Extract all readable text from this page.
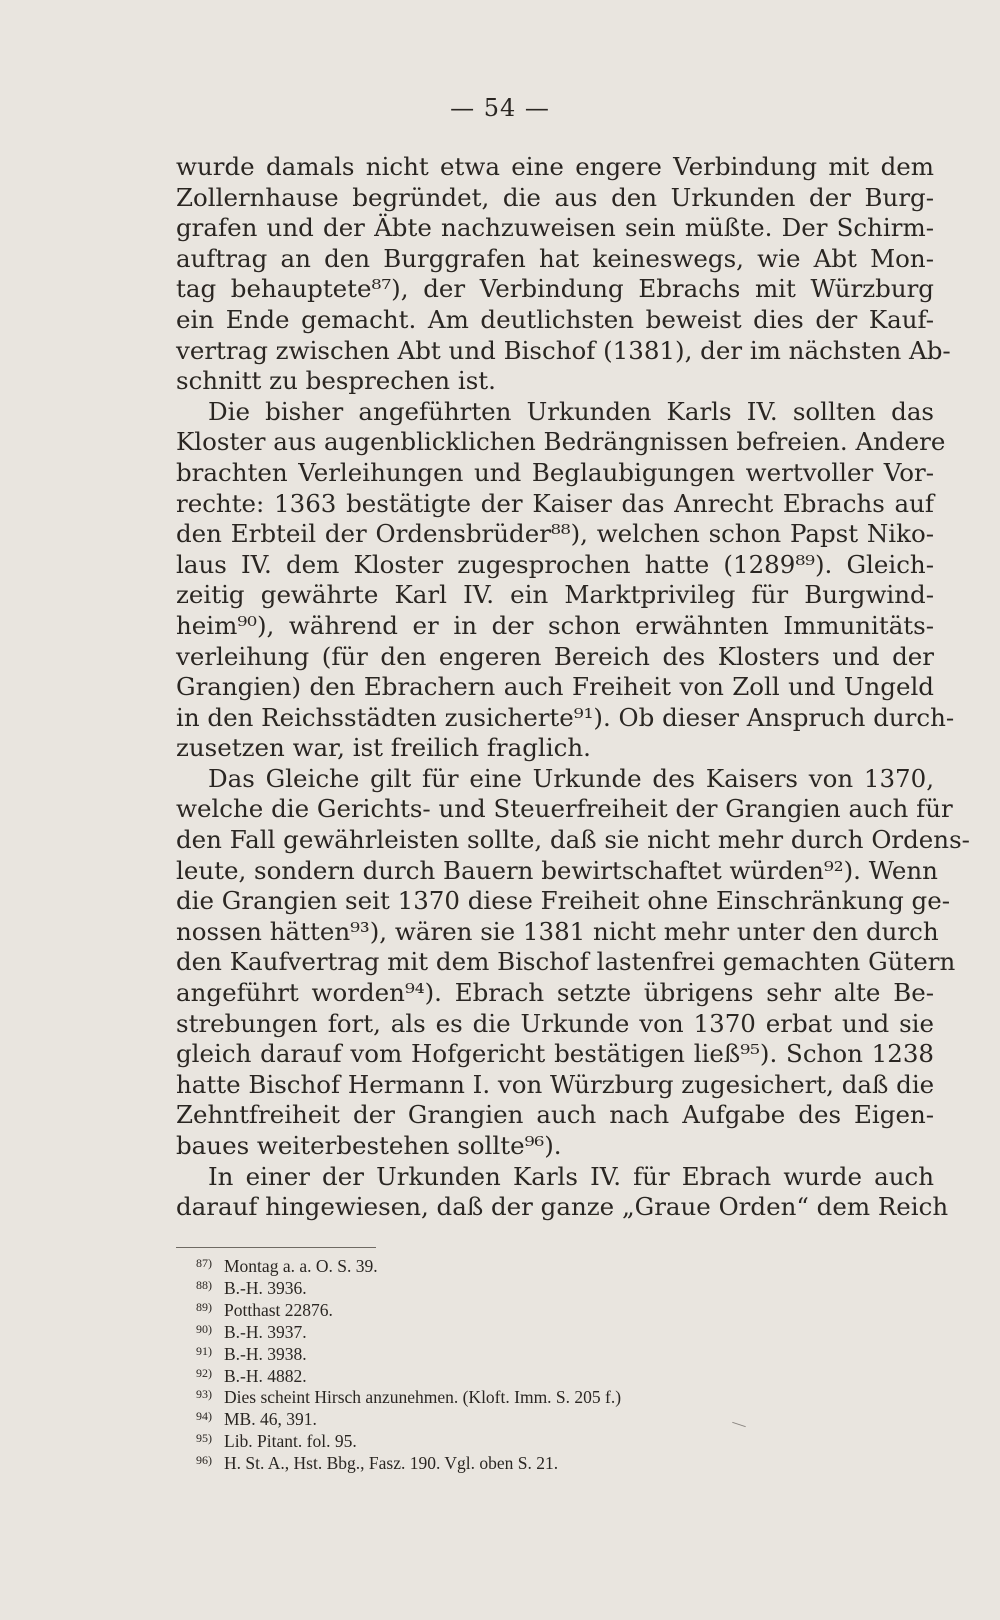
— 54 —
wurde damals nicht etwa eine engere Verbindung mit dem
Zollernhause begründet, die aus den Urkunden der Burg-
grafen und der Äbte nachzuweisen sein müßte. Der Schirm-
auftrag an den Burggrafen hat keineswegs, wie Abt Mon-
tag behauptete⁸⁷), der Verbindung Ebrachs mit Würzburg
ein Ende gemacht. Am deutlichsten beweist dies der Kauf-
vertrag zwischen Abt und Bischof (1381), der im nächsten Ab-
schnitt zu besprechen ist.
Die bisher angeführten Urkunden Karls IV. sollten das
Kloster aus augenblicklichen Bedrängnissen befreien. Andere
brachten Verleihungen und Beglaubigungen wertvoller Vor-
rechte: 1363 bestätigte der Kaiser das Anrecht Ebrachs auf
den Erbteil der Ordensbrüder⁸⁸), welchen schon Papst Niko-
laus IV. dem Kloster zugesprochen hatte (1289⁸⁹). Gleich-
zeitig gewährte Karl IV. ein Marktprivileg für Burgwind-
heim⁹⁰), während er in der schon erwähnten Immunitäts-
verleihung (für den engeren Bereich des Klosters und der
Grangien) den Ebrachern auch Freiheit von Zoll und Ungeld
in den Reichsstädten zusicherte⁹¹). Ob dieser Anspruch durch-
zusetzen war, ist freilich fraglich.
Das Gleiche gilt für eine Urkunde des Kaisers von 1370,
welche die Gerichts- und Steuerfreiheit der Grangien auch für
den Fall gewährleisten sollte, daß sie nicht mehr durch Ordens-
leute, sondern durch Bauern bewirtschaftet würden⁹²). Wenn
die Grangien seit 1370 diese Freiheit ohne Einschränkung ge-
nossen hätten⁹³), wären sie 1381 nicht mehr unter den durch
den Kaufvertrag mit dem Bischof lastenfrei gemachten Gütern
angeführt worden⁹⁴). Ebrach setzte übrigens sehr alte Be-
strebungen fort, als es die Urkunde von 1370 erbat und sie
gleich darauf vom Hofgericht bestätigen ließ⁹⁵). Schon 1238
hatte Bischof Hermann I. von Würzburg zugesichert, daß die
Zehntfreiheit der Grangien auch nach Aufgabe des Eigen-
baues weiterbestehen sollte⁹⁶).
In einer der Urkunden Karls IV. für Ebrach wurde auch
darauf hingewiesen, daß der ganze „Graue Orden“ dem Reich
87) Montag a. a. O. S. 39.
88) B.-H. 3936.
89) Potthast 22876.
90) B.-H. 3937.
91) B.-H. 3938.
92) B.-H. 4882.
93) Dies scheint Hirsch anzunehmen. (Kloft. Imm. S. 205 f.)
94) MB. 46, 391.
95) Lib. Pitant. fol. 95.
96) H. St. A., Hst. Bbg., Fasz. 190. Vgl. oben S. 21.
